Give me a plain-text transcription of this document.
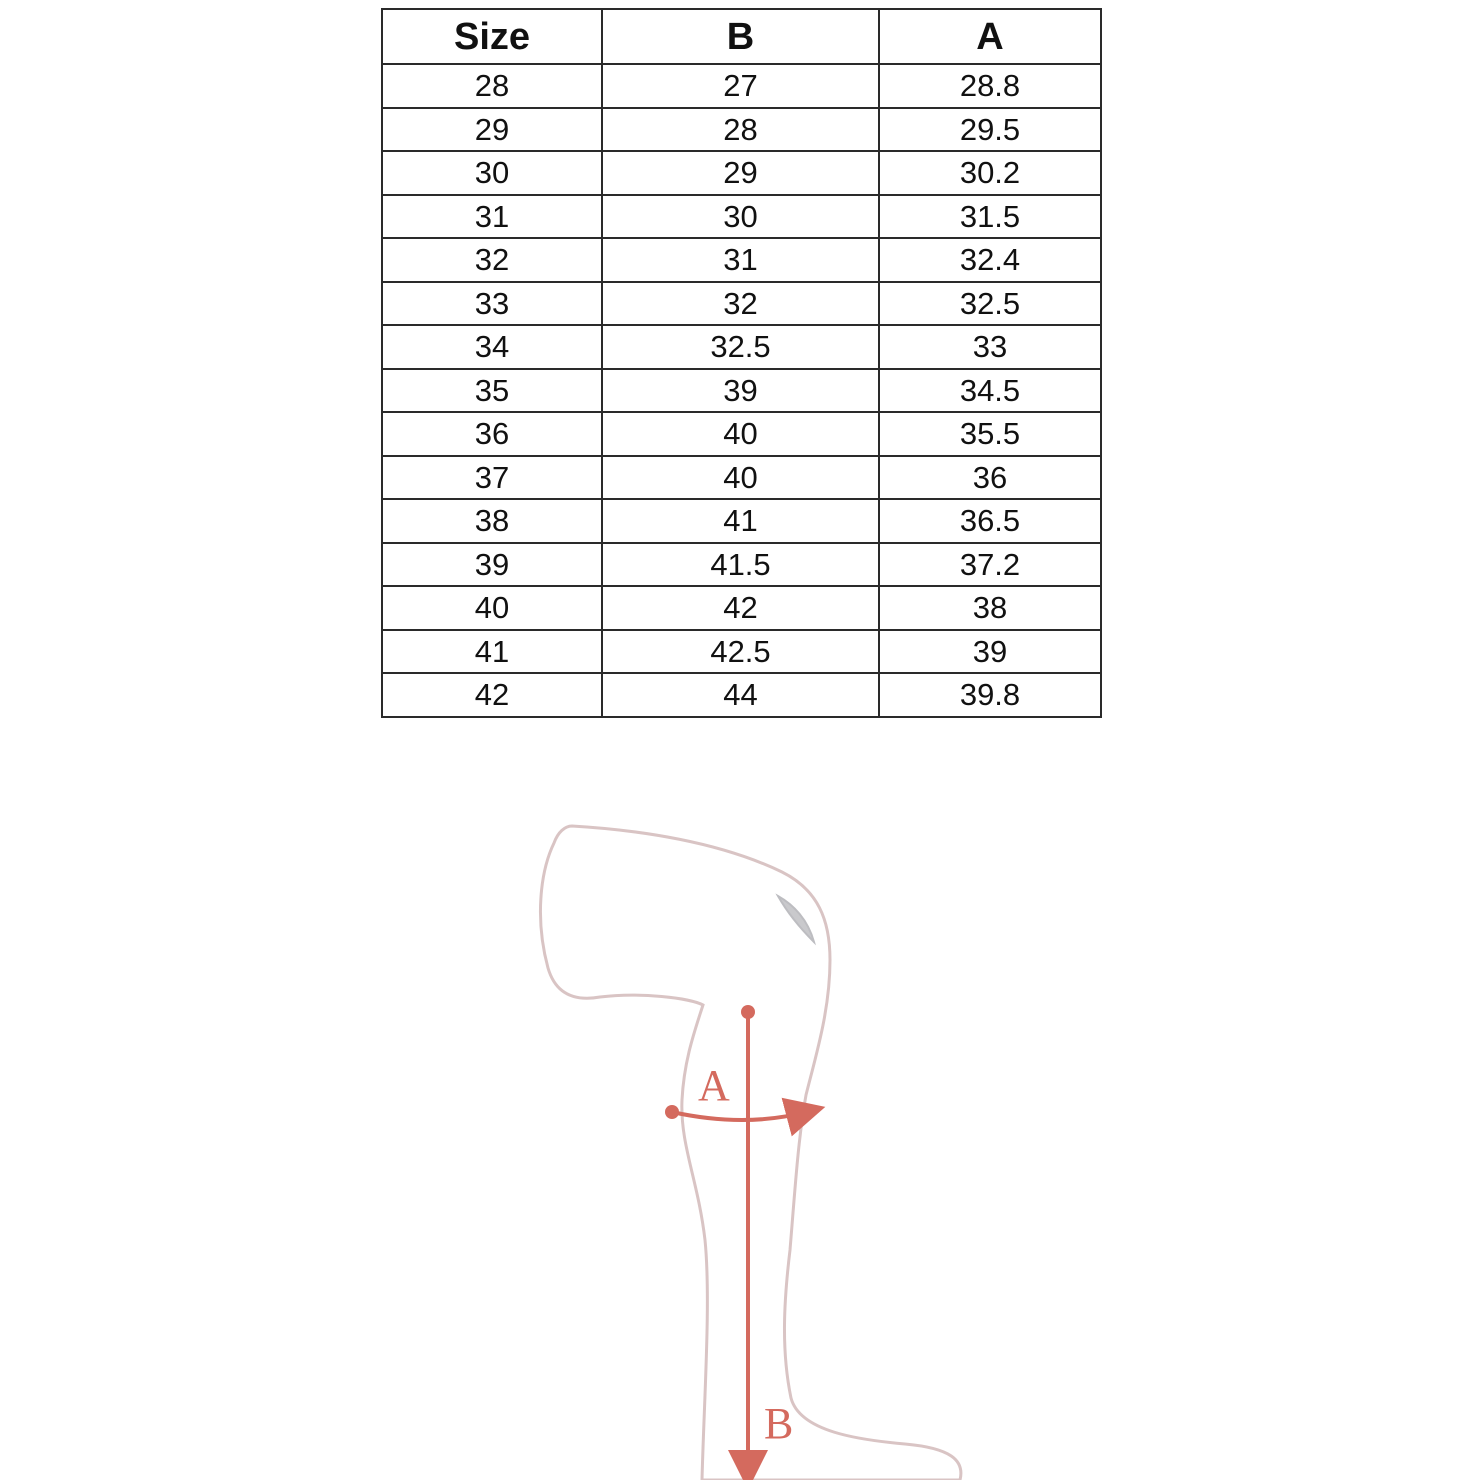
Size	B	A
28	27	28.8
29	28	29.5
30	29	30.2
31	30	31.5
32	31	32.4
33	32	32.5
34	32.5	33
35	39	34.5
36	40	35.5
37	40	36
38	41	36.5
39	41.5	37.2
40	42	38
41	42.5	39
42	44	39.8
A
B
